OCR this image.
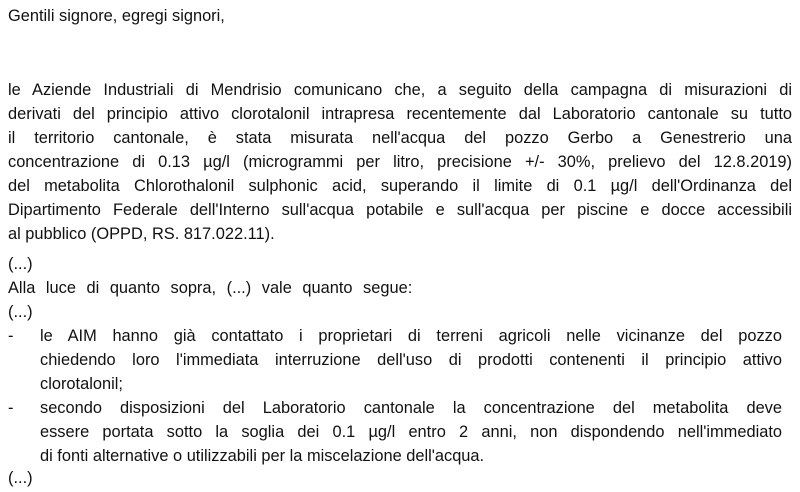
Gentili signore, egregi signori,
le Aziende Industriali di Mendrisio comunicano che, a seguito della campagna di misurazioni di
derivati del principio attivo clorotalonil intrapresa recentemente dal Laboratorio cantonale su tutto
il territorio cantonale, è stata misurata nell'acqua del pozzo Gerbo a Genestrerio una
concentrazione di 0.13 µg/l (microgrammi per litro, precisione +/- 30%, prelievo del 12.8.2019)
del metabolita Chlorothalonil sulphonic acid, superando il limite di 0.1 µg/l dell'Ordinanza del
Dipartimento Federale dell'Interno sull'acqua potabile e sull'acqua per piscine e docce accessibili
al pubblico (OPPD, RS. 817.022.11).
(...)
Alla luce di quanto sopra, (...) vale quanto segue:
(...)
- le AIM hanno già contattato i proprietari di terreni agricoli nelle vicinanze del pozzo
chiedendo loro l'immediata interruzione dell'uso di prodotti contenenti il principio attivo
clorotalonil;
- secondo disposizioni del Laboratorio cantonale la concentrazione del metabolita deve
essere portata sotto la soglia dei 0.1 µg/l entro 2 anni, non dispondendo nell'immediato
di fonti alternative o utilizzabili per la miscelazione dell'acqua.
(...)
